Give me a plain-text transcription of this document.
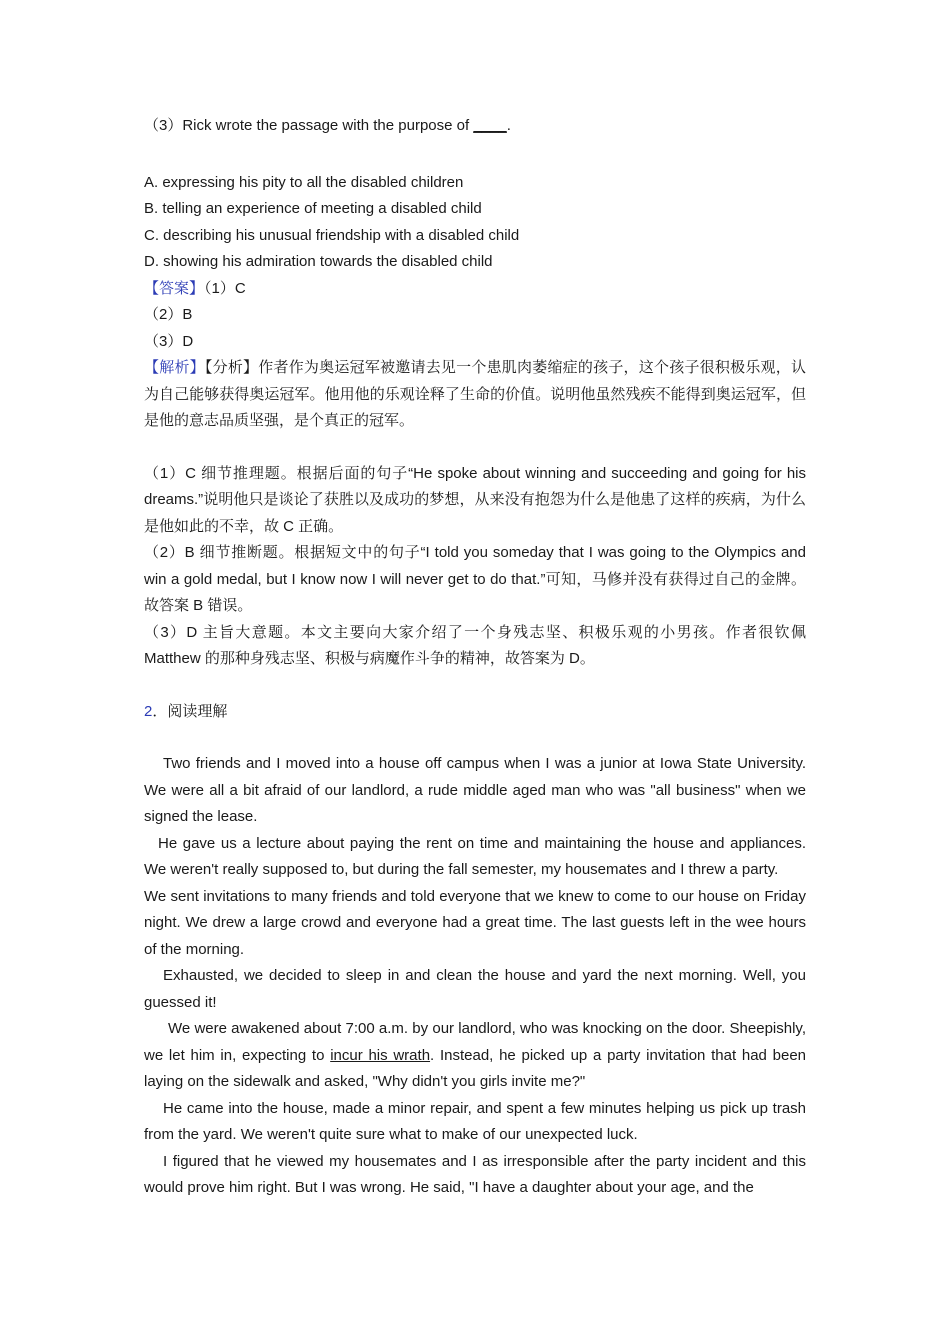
（3）Rick wrote the passage with the purpose of ____.

A. expressing his pity to all the disabled children

B. telling an experience of meeting a disabled child

C. describing his unusual friendship with a disabled child

D. showing his admiration towards the disabled child

【答案】（1）C

（2）B

（3）D

【解析】【分析】作者作为奥运冠军被邀请去见一个患肌肉萎缩症的孩子，这个孩子很积极乐观，认为自己能够获得奥运冠军。他用他的乐观诠释了生命的价值。说明他虽然残疾不能得到奥运冠军，但是他的意志品质坚强，是个真正的冠军。

（1）C 细节推理题。根据后面的句子“He spoke about winning and succeeding and going for his dreams.”说明他只是谈论了获胜以及成功的梦想，从来没有抱怨为什么是他患了这样的疾病，为什么是他如此的不幸，故 C 正确。

（2）B 细节推断题。根据短文中的句子“I told you someday that I was going to the Olympics and win a gold medal, but I know now I will never get to do that.”可知，马修并没有获得过自己的金牌。故答案 B 错误。

（3）D 主旨大意题。本文主要向大家介绍了一个身残志坚、积极乐观的小男孩。作者很钦佩 Matthew 的那种身残志坚、积极与病魔作斗争的精神，故答案为 D。

2．阅读理解

Two friends and I moved into a house off campus when I was a junior at Iowa State University. We were all a bit afraid of our landlord, a rude middle aged man who was "all business" when we signed the lease.

He gave us a lecture about paying the rent on time and maintaining the house and appliances. We weren't really supposed to, but during the fall semester, my housemates and I threw a party.

We sent invitations to many friends and told everyone that we knew to come to our house on Friday night. We drew a large crowd and everyone had a great time. The last guests left in the wee hours of the morning.

Exhausted, we decided to sleep in and clean the house and yard the next morning. Well, you guessed it!

We were awakened about 7:00 a.m. by our landlord, who was knocking on the door. Sheepishly, we let him in, expecting to incur his wrath. Instead, he picked up a party invitation that had been laying on the sidewalk and asked, "Why didn't you girls invite me?"

He came into the house, made a minor repair, and spent a few minutes helping us pick up trash from the yard. We weren't quite sure what to make of our unexpected luck.

I figured that he viewed my housemates and I as irresponsible after the party incident and this would prove him right. But I was wrong. He said, "I have a daughter about your age, and the
